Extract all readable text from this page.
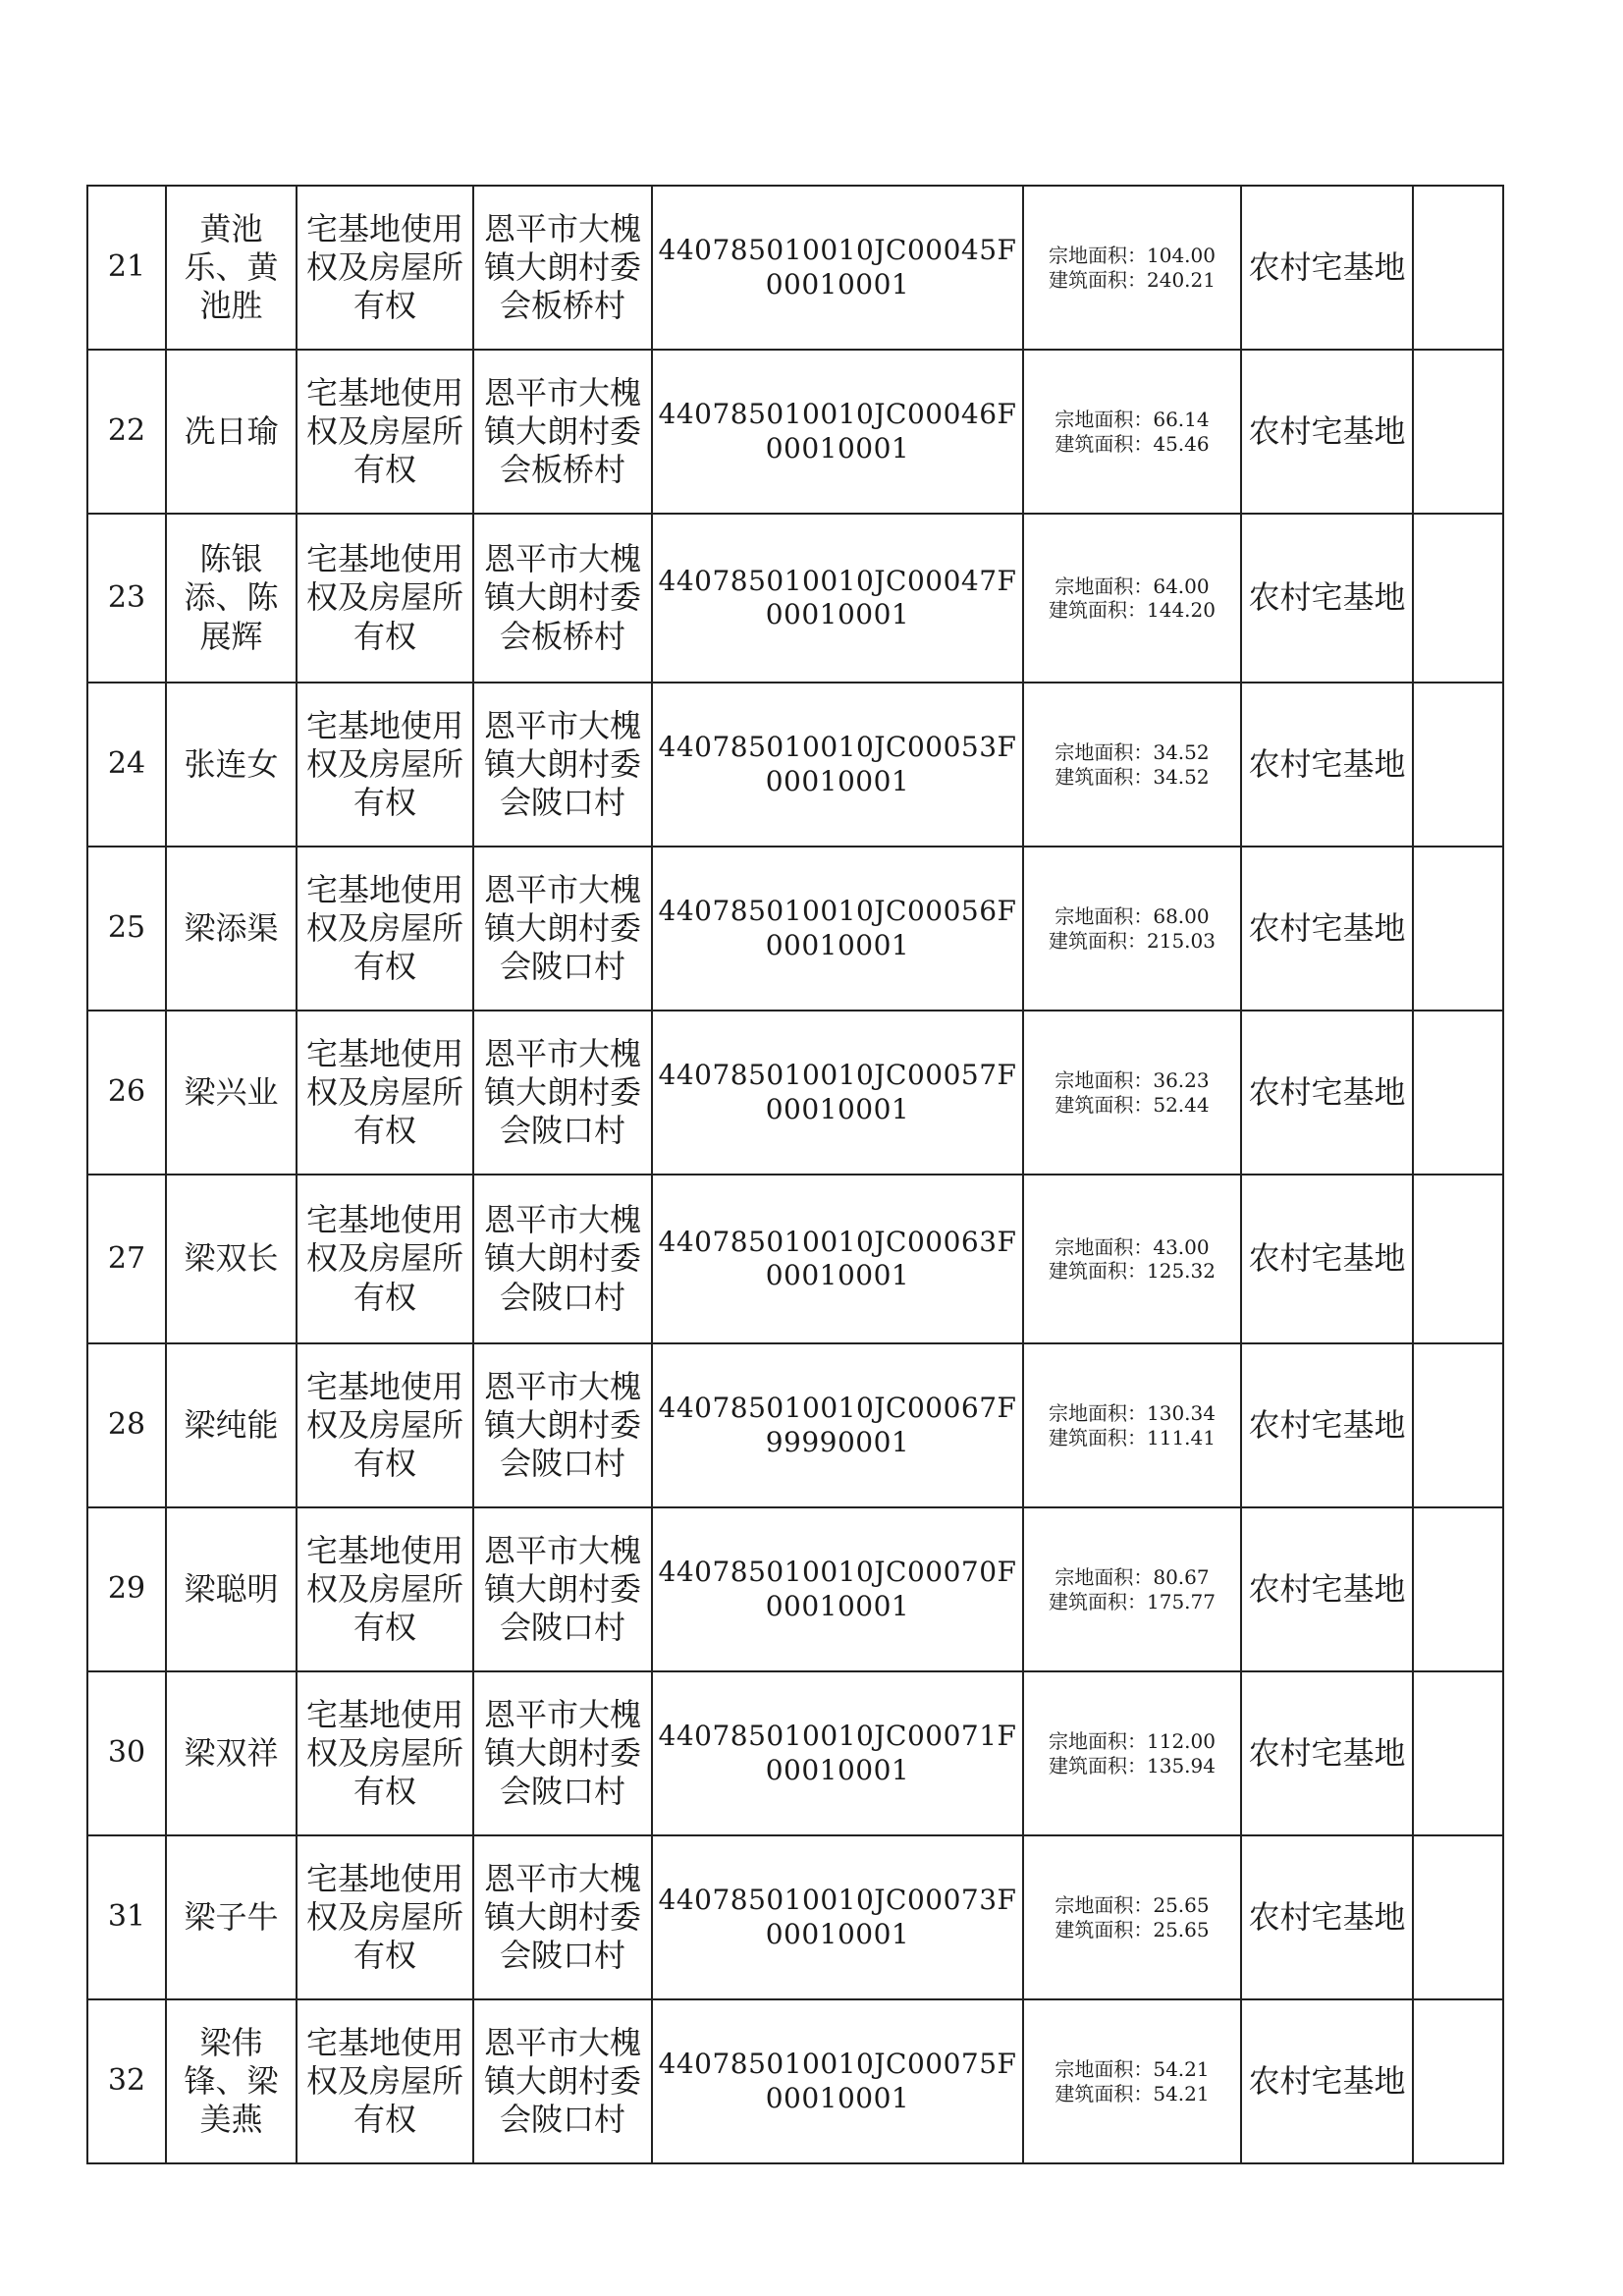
21	黄池乐、黄池胜	宅基地使用权及房屋所有权	恩平市大槐镇大朗村委会板桥村	440785010010JC00045F00010001	宗地面积：104.00
建筑面积：240.21	农村宅基地	
22	冼日瑜	宅基地使用权及房屋所有权	恩平市大槐镇大朗村委会板桥村	440785010010JC00046F00010001	宗地面积：66.14
建筑面积：45.46	农村宅基地	
23	陈银添、陈展辉	宅基地使用权及房屋所有权	恩平市大槐镇大朗村委会板桥村	440785010010JC00047F00010001	宗地面积：64.00
建筑面积：144.20	农村宅基地	
24	张连女	宅基地使用权及房屋所有权	恩平市大槐镇大朗村委会陂口村	440785010010JC00053F00010001	宗地面积：34.52
建筑面积：34.52	农村宅基地	
25	梁添渠	宅基地使用权及房屋所有权	恩平市大槐镇大朗村委会陂口村	440785010010JC00056F00010001	宗地面积：68.00
建筑面积：215.03	农村宅基地	
26	梁兴业	宅基地使用权及房屋所有权	恩平市大槐镇大朗村委会陂口村	440785010010JC00057F00010001	宗地面积：36.23
建筑面积：52.44	农村宅基地	
27	梁双长	宅基地使用权及房屋所有权	恩平市大槐镇大朗村委会陂口村	440785010010JC00063F00010001	宗地面积：43.00
建筑面积：125.32	农村宅基地	
28	梁纯能	宅基地使用权及房屋所有权	恩平市大槐镇大朗村委会陂口村	440785010010JC00067F99990001	宗地面积：130.34
建筑面积：111.41	农村宅基地	
29	梁聪明	宅基地使用权及房屋所有权	恩平市大槐镇大朗村委会陂口村	440785010010JC00070F00010001	宗地面积：80.67
建筑面积：175.77	农村宅基地	
30	梁双祥	宅基地使用权及房屋所有权	恩平市大槐镇大朗村委会陂口村	440785010010JC00071F00010001	宗地面积：112.00
建筑面积：135.94	农村宅基地	
31	梁子牛	宅基地使用权及房屋所有权	恩平市大槐镇大朗村委会陂口村	440785010010JC00073F00010001	宗地面积：25.65
建筑面积：25.65	农村宅基地	
32	梁伟锋、梁美燕	宅基地使用权及房屋所有权	恩平市大槐镇大朗村委会陂口村	440785010010JC00075F00010001	宗地面积：54.21
建筑面积：54.21	农村宅基地	
